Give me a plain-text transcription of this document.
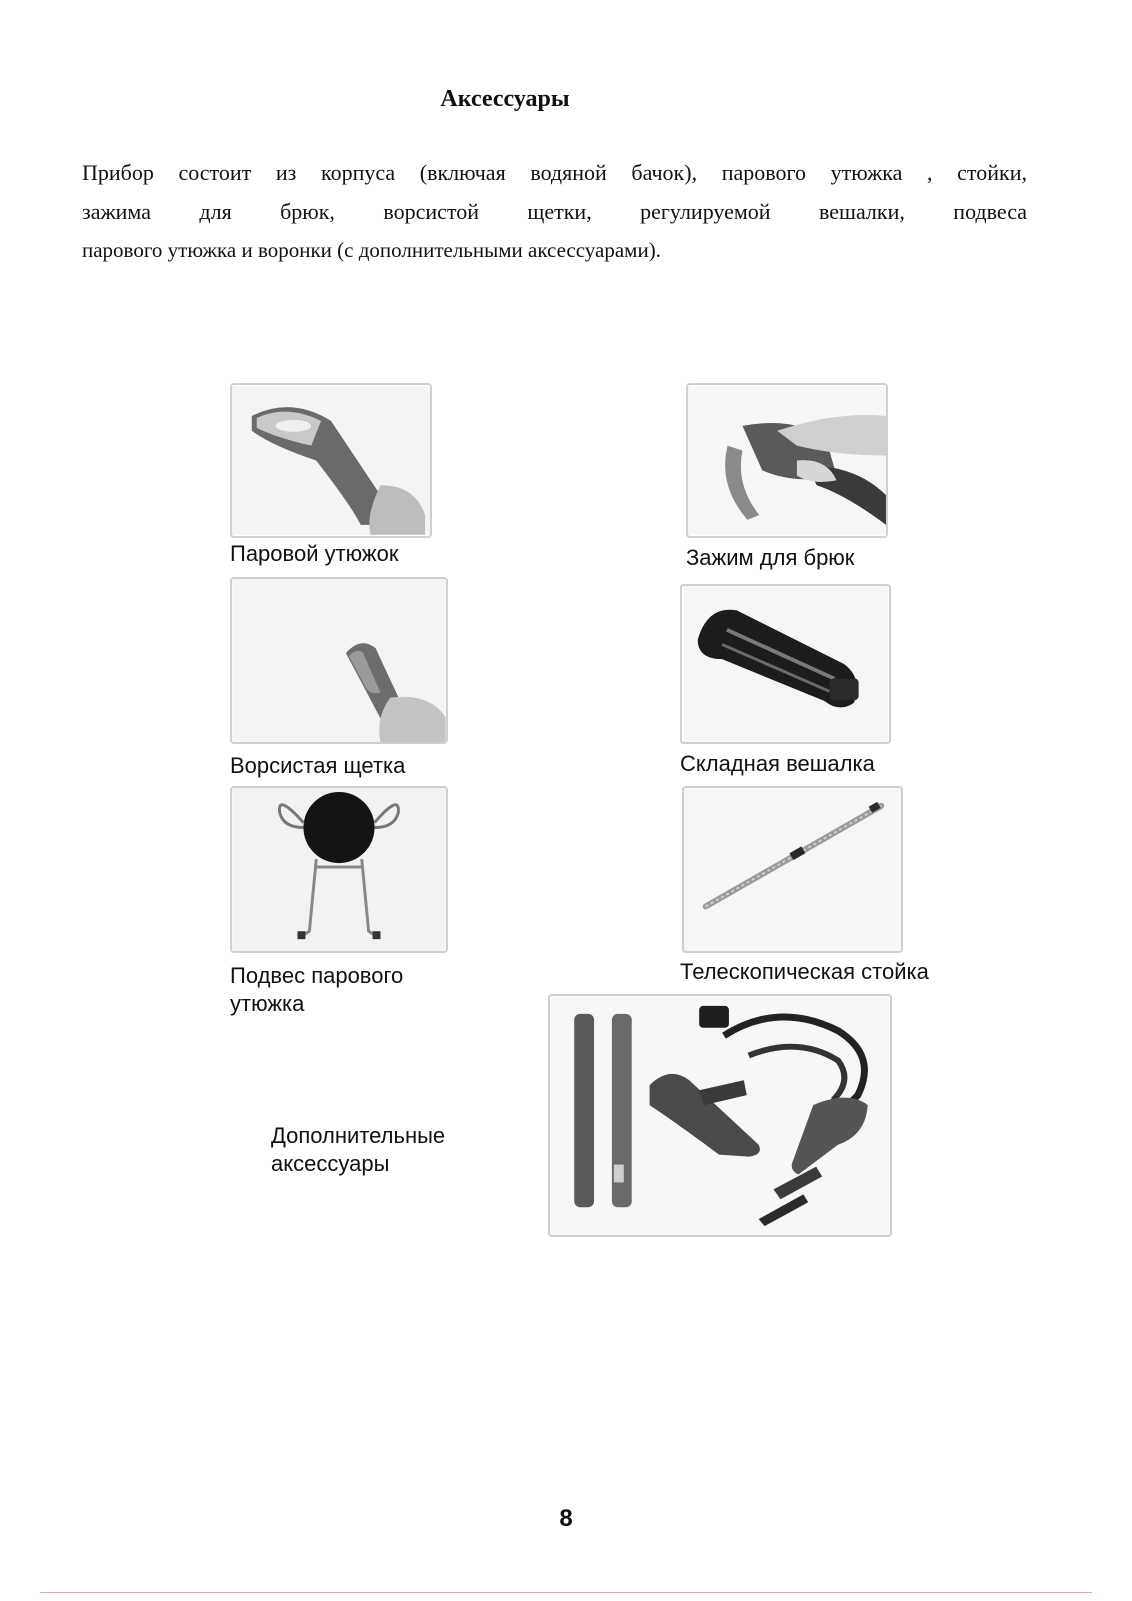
Аксессуары
Прибор состоит из корпуса (включая водяной бачок), парового утюжка , стойки,
зажима для брюк, ворсистой щетки, регулируемой вешалки, подвеса
парового утюжка и воронки (с дополнительными аксессуарами).
Паровой утюжок	Зажим для брюк
Ворсистая щетка	Складная вешалка
Подвес парового
утюжка
Телескопическая стойка
Дополнительные
аксессуары
8
